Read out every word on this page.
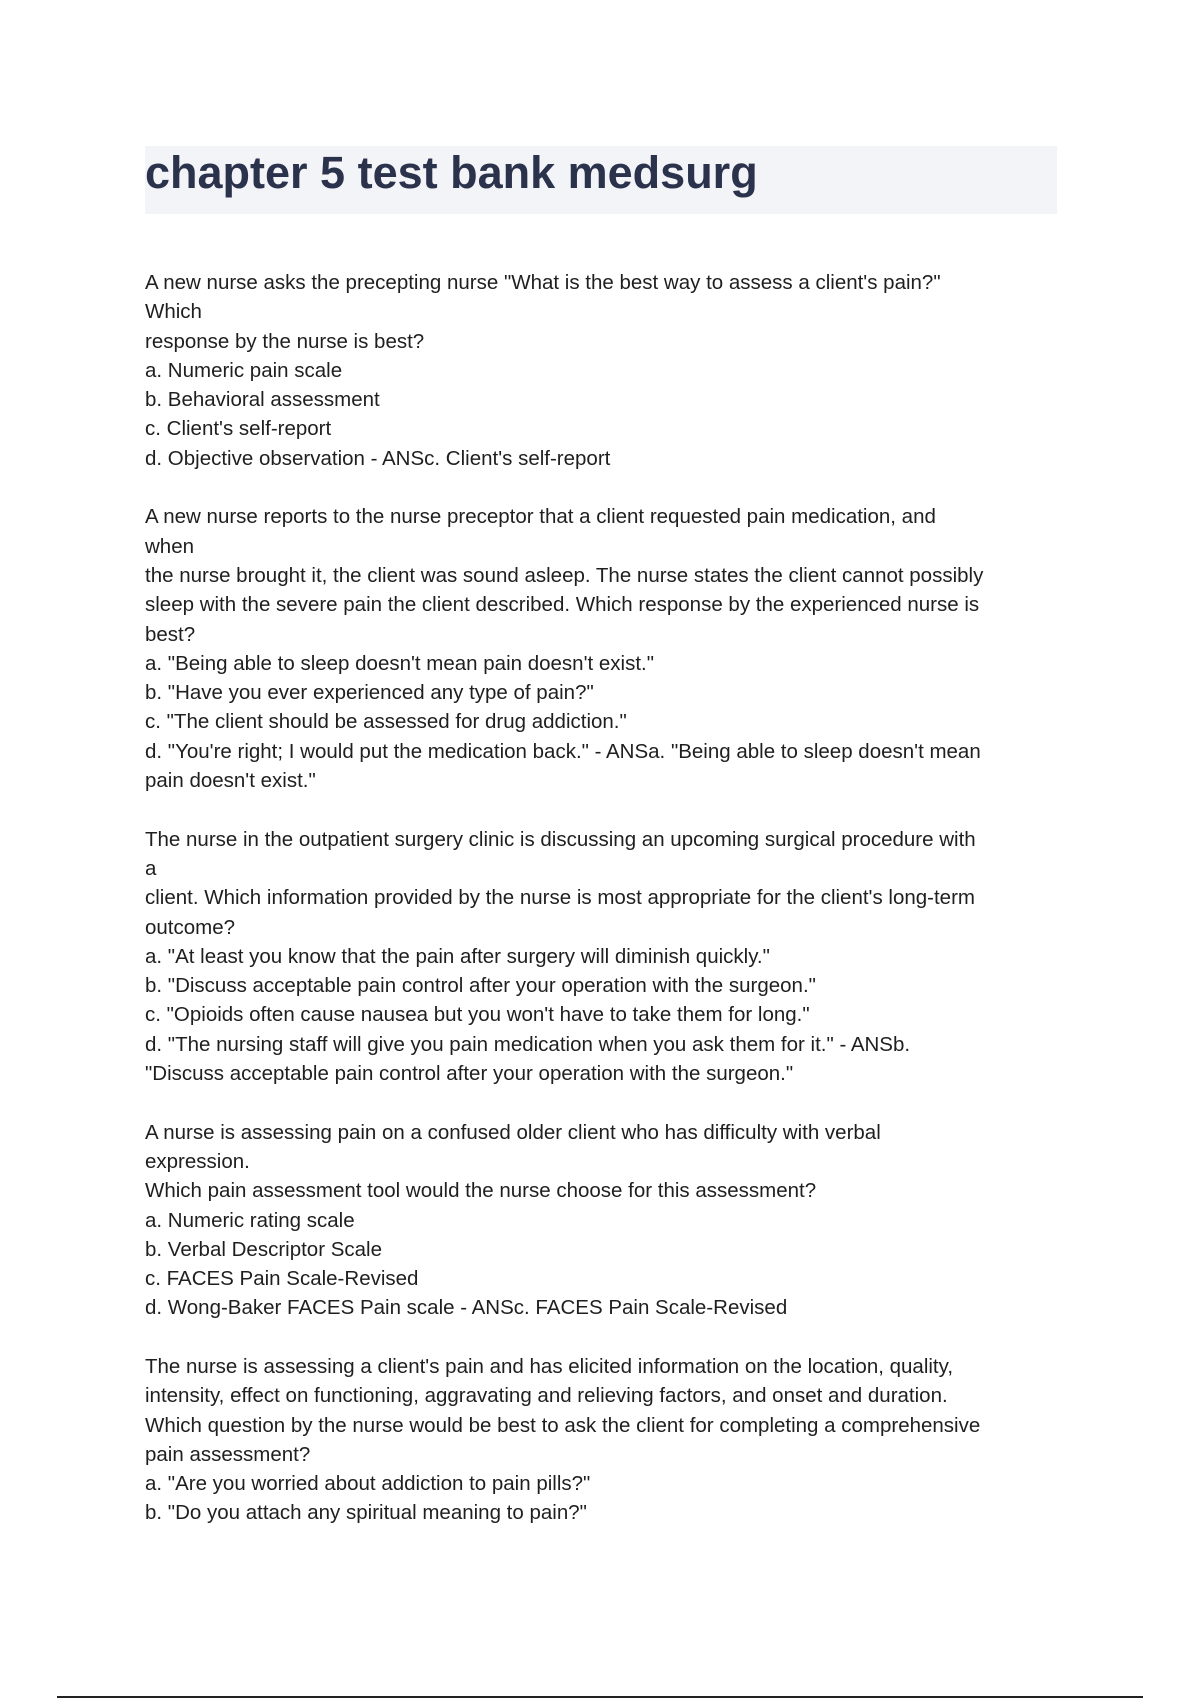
chapter 5 test bank medsurg
A new nurse asks the precepting nurse "What is the best way to assess a client's pain?"
Which
response by the nurse is best?
a. Numeric pain scale
b. Behavioral assessment
c. Client's self-report
d. Objective observation - ANSc. Client's self-report
A new nurse reports to the nurse preceptor that a client requested pain medication, and
when
the nurse brought it, the client was sound asleep. The nurse states the client cannot possibly
sleep with the severe pain the client described. Which response by the experienced nurse is
best?
a. "Being able to sleep doesn't mean pain doesn't exist."
b. "Have you ever experienced any type of pain?"
c. "The client should be assessed for drug addiction."
d. "You're right; I would put the medication back." - ANSa. "Being able to sleep doesn't mean
pain doesn't exist."
The nurse in the outpatient surgery clinic is discussing an upcoming surgical procedure with
a
client. Which information provided by the nurse is most appropriate for the client's long-term
outcome?
a. "At least you know that the pain after surgery will diminish quickly."
b. "Discuss acceptable pain control after your operation with the surgeon."
c. "Opioids often cause nausea but you won't have to take them for long."
d. "The nursing staff will give you pain medication when you ask them for it." - ANSb.
"Discuss acceptable pain control after your operation with the surgeon."
A nurse is assessing pain on a confused older client who has difficulty with verbal
expression.
Which pain assessment tool would the nurse choose for this assessment?
a. Numeric rating scale
b. Verbal Descriptor Scale
c. FACES Pain Scale-Revised
d. Wong-Baker FACES Pain scale - ANSc. FACES Pain Scale-Revised
The nurse is assessing a client's pain and has elicited information on the location, quality,
intensity, effect on functioning, aggravating and relieving factors, and onset and duration.
Which question by the nurse would be best to ask the client for completing a comprehensive
pain assessment?
a. "Are you worried about addiction to pain pills?"
b. "Do you attach any spiritual meaning to pain?"
